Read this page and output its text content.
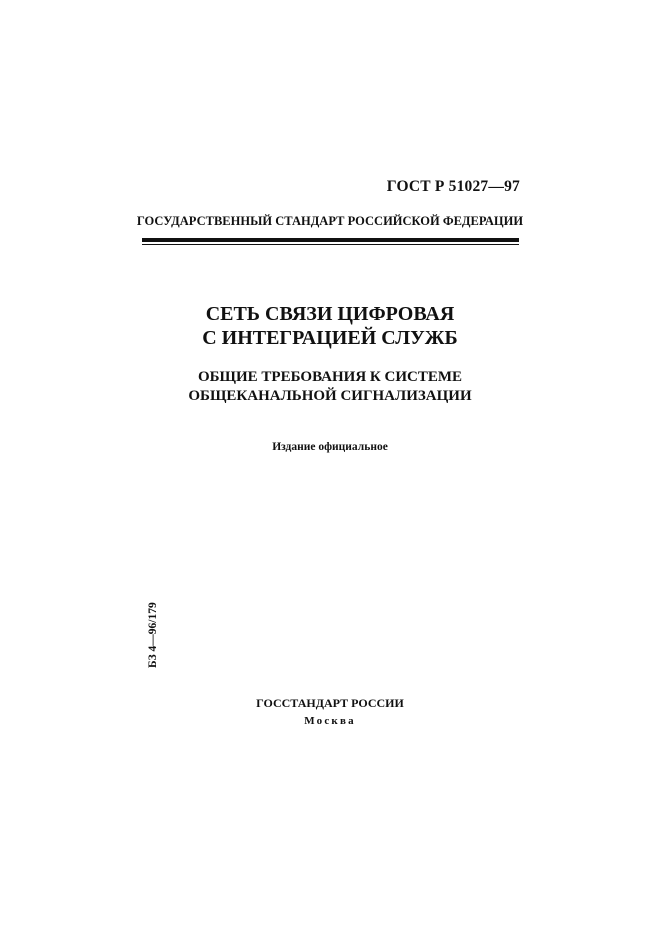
ГОСТ Р 51027—97
ГОСУДАРСТВЕННЫЙ СТАНДАРТ РОССИЙСКОЙ ФЕДЕРАЦИИ
СЕТЬ СВЯЗИ ЦИФРОВАЯ
С ИНТЕГРАЦИЕЙ СЛУЖБ
ОБЩИЕ ТРЕБОВАНИЯ К СИСТЕМЕ
ОБЩЕКАНАЛЬНОЙ СИГНАЛИЗАЦИИ
Издание официальное
БЗ 4—96/179
ГОССТАНДАРТ РОССИИ
Москва
